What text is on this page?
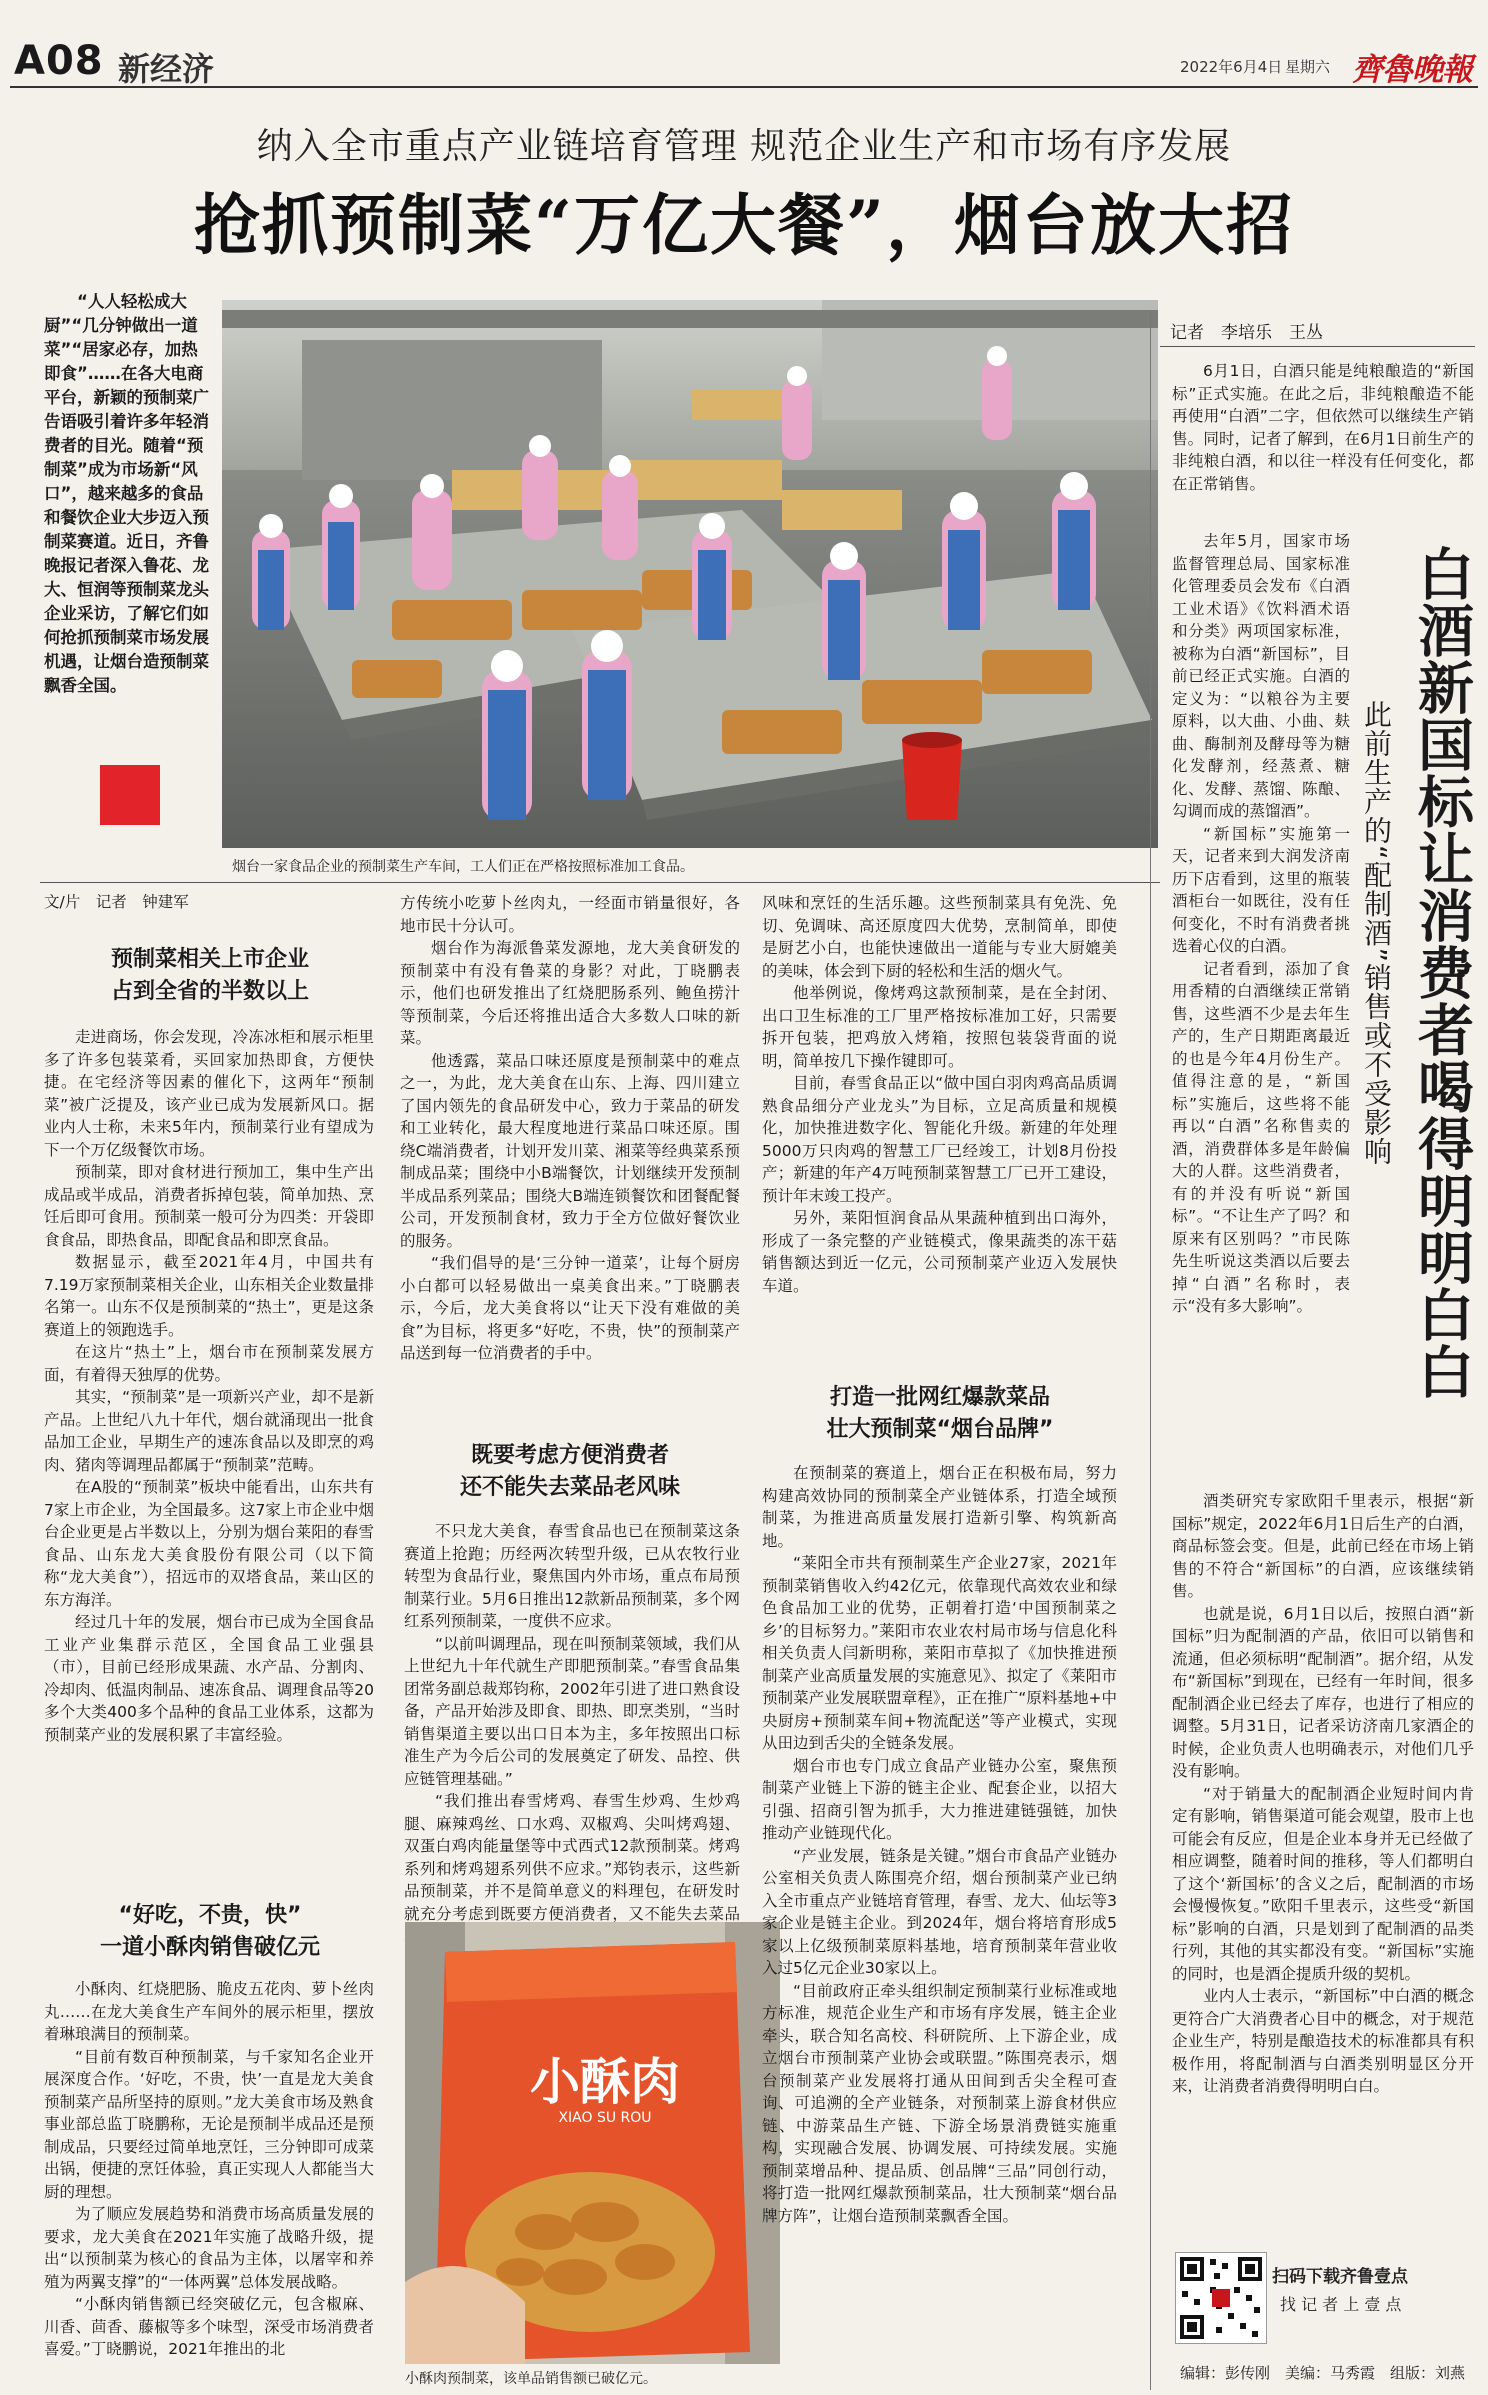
A08 新经济	2022年6月4日 星期六 齊魯晚報
纳入全市重点产业链培育管理 规范企业生产和市场有序发展
抢抓预制菜“万亿大餐”，烟台放大招
“人人轻松成大厨”“几分钟做出一道菜”“居家必存，加热即食”……在各大电商平台，新颖的预制菜广告语吸引着许多年轻消费者的目光。随着“预制菜”成为市场新“风口”，越来越多的食品和餐饮企业大步迈入预制菜赛道。近日，齐鲁晚报记者深入鲁花、龙大、恒润等预制菜龙头企业采访，了解它们如何抢抓预制菜市场发展机遇，让烟台造预制菜飘香全国。
烟台一家食品企业的预制菜生产车间，工人们正在严格按照标准加工食品。
文/片　记者　钟建军
预制菜相关上市企业
占到全省的半数以上

走进商场，你会发现，冷冻冰柜和展示柜里多了许多包装菜肴，买回家加热即食，方便快捷。在宅经济等因素的催化下，这两年“预制菜”被广泛提及，该产业已成为发展新风口。据业内人士称，未来5年内，预制菜行业有望成为下一个万亿级餐饮市场。

预制菜，即对食材进行预加工，集中生产出成品或半成品，消费者拆掉包装，简单加热、烹饪后即可食用。预制菜一般可分为四类：开袋即食食品，即热食品，即配食品和即烹食品。

数据显示，截至2021年4月，中国共有7.19万家预制菜相关企业，山东相关企业数量排名第一。山东不仅是预制菜的“热土”，更是这条赛道上的领跑选手。

在这片“热土”上，烟台市在预制菜发展方面，有着得天独厚的优势。

其实，“预制菜”是一项新兴产业，却不是新产品。上世纪八九十年代，烟台就涌现出一批食品加工企业，早期生产的速冻食品以及即烹的鸡肉、猪肉等调理品都属于“预制菜”范畴。

在A股的“预制菜”板块中能看出，山东共有7家上市企业，为全国最多。这7家上市企业中烟台企业更是占半数以上，分别为烟台莱阳的春雪食品、山东龙大美食股份有限公司（以下简称“龙大美食”），招远市的双塔食品，莱山区的东方海洋。

经过几十年的发展，烟台市已成为全国食品工业产业集群示范区，全国食品工业强县（市），目前已经形成果蔬、水产品、分割肉、冷却肉、低温肉制品、速冻食品、调理食品等20多个大类400多个品种的食品工业体系，这都为预制菜产业的发展积累了丰富经验。

“好吃，不贵，快”
一道小酥肉销售破亿元

小酥肉、红烧肥肠、脆皮五花肉、萝卜丝肉丸……在龙大美食生产车间外的展示柜里，摆放着琳琅满目的预制菜。

“目前有数百种预制菜，与千家知名企业开展深度合作。‘好吃，不贵，快’一直是龙大美食预制菜产品所坚持的原则。”龙大美食市场及熟食事业部总监丁晓鹏称，无论是预制半成品还是预制成品，只要经过简单地烹饪，三分钟即可成菜出锅，便捷的烹饪体验，真正实现人人都能当大厨的理想。

为了顺应发展趋势和消费市场高质量发展的要求，龙大美食在2021年实施了战略升级，提出“以预制菜为核心的食品为主体，以屠宰和养殖为两翼支撑”的“一体两翼”总体发展战略。

“小酥肉销售额已经突破亿元，包含椒麻、川香、茴香、藤椒等多个味型，深受市场消费者喜爱。”丁晓鹏说，2021年推出的北

方传统小吃萝卜丝肉丸，一经面市销量很好，各地市民十分认可。

烟台作为海派鲁菜发源地，龙大美食研发的预制菜中有没有鲁菜的身影？对此，丁晓鹏表示，他们也研发推出了红烧肥肠系列、鲍鱼捞汁等预制菜，今后还将推出适合大多数人口味的新菜。

他透露，菜品口味还原度是预制菜中的难点之一，为此，龙大美食在山东、上海、四川建立了国内领先的食品研发中心，致力于菜品的研发和工业转化，最大程度地进行菜品口味还原。围绕C端消费者，计划开发川菜、湘菜等经典菜系预制成品菜；围绕中小B端餐饮，计划继续开发预制半成品系列菜品；围绕大B端连锁餐饮和团餐配餐公司，开发预制食材，致力于全方位做好餐饮业的服务。

“我们倡导的是‘三分钟一道菜’，让每个厨房小白都可以轻易做出一桌美食出来。”丁晓鹏表示，今后，龙大美食将以“让天下没有难做的美食”为目标，将更多“好吃，不贵，快”的预制菜产品送到每一位消费者的手中。

既要考虑方便消费者
还不能失去菜品老风味

不只龙大美食，春雪食品也已在预制菜这条赛道上抢跑；历经两次转型升级，已从农牧行业转型为食品行业，聚焦国内外市场，重点布局预制菜行业。5月6日推出12款新品预制菜，多个网红系列预制菜，一度供不应求。

“以前叫调理品，现在叫预制菜领域，我们从上世纪九十年代就生产即肥预制菜。”春雪食品集团常务副总裁郑钧称，2002年引进了进口熟食设备，产品开始涉及即食、即热、即烹类别，“当时销售渠道主要以出口日本为主，多年按照出口标准生产为今后公司的发展奠定了研发、品控、供应链管理基础。”

“我们推出春雪烤鸡、春雪生炒鸡、生炒鸡腿、麻辣鸡丝、口水鸡、双椒鸡、尖叫烤鸡翅、双蛋白鸡肉能量堡等中式西式12款预制菜。烤鸡系列和烤鸡翅系列供不应求。”郑钧表示，这些新品预制菜，并不是简单意义的料理包，在研发时就充分考虑到既要方便消费者，又不能失去菜品

小酥肉
XIAO SU ROU
小酥肉预制菜，该单品销售额已破亿元。

风味和烹饪的生活乐趣。这些预制菜具有免洗、免切、免调味、高还原度四大优势，烹制简单，即使是厨艺小白，也能快速做出一道能与专业大厨媲美的美味，体会到下厨的轻松和生活的烟火气。

他举例说，像烤鸡这款预制菜，是在全封闭、出口卫生标准的工厂里严格按标准加工好，只需要拆开包装，把鸡放入烤箱，按照包装袋背面的说明，简单按几下操作键即可。

目前，春雪食品正以“做中国白羽肉鸡高品质调熟食品细分产业龙头”为目标，立足高质量和规模化，加快推进数字化、智能化升级。新建的年处理5000万只肉鸡的智慧工厂已经竣工，计划8月份投产；新建的年产4万吨预制菜智慧工厂已开工建设，预计年末竣工投产。

另外，莱阳恒润食品从果蔬种植到出口海外，形成了一条完整的产业链模式，像果蔬类的冻干菇销售额达到近一亿元，公司预制菜产业迈入发展快车道。

打造一批网红爆款菜品
壮大预制菜“烟台品牌”

在预制菜的赛道上，烟台正在积极布局，努力构建高效协同的预制菜全产业链体系，打造全域预制菜，为推进高质量发展打造新引擎、构筑新高地。

“莱阳全市共有预制菜生产企业27家，2021年预制菜销售收入约42亿元，依靠现代高效农业和绿色食品加工业的优势，正朝着打造‘中国预制菜之乡’的目标努力。”莱阳市农业农村局市场与信息化科相关负责人闫新明称，莱阳市草拟了《加快推进预制菜产业高质量发展的实施意见》、拟定了《莱阳市预制菜产业发展联盟章程》，正在推广“原料基地+中央厨房+预制菜车间+物流配送”等产业模式，实现从田边到舌尖的全链条发展。

烟台市也专门成立食品产业链办公室，聚焦预制菜产业链上下游的链主企业、配套企业，以招大引强、招商引智为抓手，大力推进建链强链，加快推动产业链现代化。

“产业发展，链条是关键。”烟台市食品产业链办公室相关负责人陈围亮介绍，烟台预制菜产业已纳入全市重点产业链培育管理，春雪、龙大、仙坛等3家企业是链主企业。到2024年，烟台将培育形成5家以上亿级预制菜原料基地，培育预制菜年营业收入过5亿元企业30家以上。

“目前政府正牵头组织制定预制菜行业标准或地方标准，规范企业生产和市场有序发展，链主企业牵头，联合知名高校、科研院所、上下游企业，成立烟台市预制菜产业协会或联盟。”陈围亮表示，烟台预制菜产业发展将打通从田间到舌尖全程可查询、可追溯的全产业链条，对预制菜上游食材供应链、中游菜品生产链、下游全场景消费链实施重构，实现融合发展、协调发展、可持续发展。实施预制菜增品种、提品质、创品牌“三品”同创行动，将打造一批网红爆款预制菜品，壮大预制菜“烟台品牌方阵”，让烟台造预制菜飘香全国。

记者　李培乐　王丛

6月1日，白酒只能是纯粮酿造的“新国标”正式实施。在此之后，非纯粮酿造不能再使用“白酒”二字，但依然可以继续生产销售。同时，记者了解到，在6月1日前生产的非纯粮白酒，和以往一样没有任何变化，都在正常销售。

去年5月，国家市场监督管理总局、国家标准化管理委员会发布《白酒工业术语》《饮料酒术语和分类》两项国家标准，被称为白酒“新国标”，目前已经正式实施。白酒的定义为：“以粮谷为主要原料，以大曲、小曲、麸曲、酶制剂及酵母等为糖化发酵剂，经蒸煮、糖化、发酵、蒸馏、陈酿、勾调而成的蒸馏酒”。

“新国标”实施第一天，记者来到大润发济南历下店看到，这里的瓶装酒柜台一如既往，没有任何变化，不时有消费者挑选着心仪的白酒。

记者看到，添加了食用香精的白酒继续正常销售，这些酒不少是去年生产的，生产日期距离最近的也是今年4月份生产。值得注意的是，“新国标”实施后，这些将不能再以“白酒”名称售卖的酒，消费群体多是年龄偏大的人群。这些消费者，有的并没有听说“新国标”。“不让生产了吗？和原来有区别吗？”市民陈先生听说这类酒以后要去掉“白酒”名称时，表示“没有多大影响”。	白酒新国标让消费者喝得明明白白
此前生产的“配制酒”销售或不受影响

酒类研究专家欧阳千里表示，根据“新国标”规定，2022年6月1日后生产的白酒，商品标签会变。但是，此前已经在市场上销售的不符合“新国标”的白酒，应该继续销售。

也就是说，6月1日以后，按照白酒“新国标”归为配制酒的产品，依旧可以销售和流通，但必须标明“配制酒”。据介绍，从发布“新国标”到现在，已经有一年时间，很多配制酒企业已经去了库存，也进行了相应的调整。5月31日，记者采访济南几家酒企的时候，企业负责人也明确表示，对他们几乎没有影响。

“对于销量大的配制酒企业短时间内肯定有影响，销售渠道可能会观望，股市上也可能会有反应，但是企业本身并无已经做了相应调整，随着时间的推移，等人们都明白了这个‘新国标’的含义之后，配制酒的市场会慢慢恢复。”欧阳千里表示，这些受“新国标”影响的白酒，只是划到了配制酒的品类行列，其他的其实都没有变。“新国标”实施的同时，也是酒企提质升级的契机。

业内人士表示，“新国标”中白酒的概念更符合广大消费者心目中的概念，对于规范企业生产，特别是酿造技术的标准都具有积极作用，将配制酒与白酒类别明显区分开来，让消费者消费得明明白白。

扫码下载齐鲁壹点
找 记 者 上 壹 点
编辑：彭传刚　美编：马秀霞　组版：刘燕
